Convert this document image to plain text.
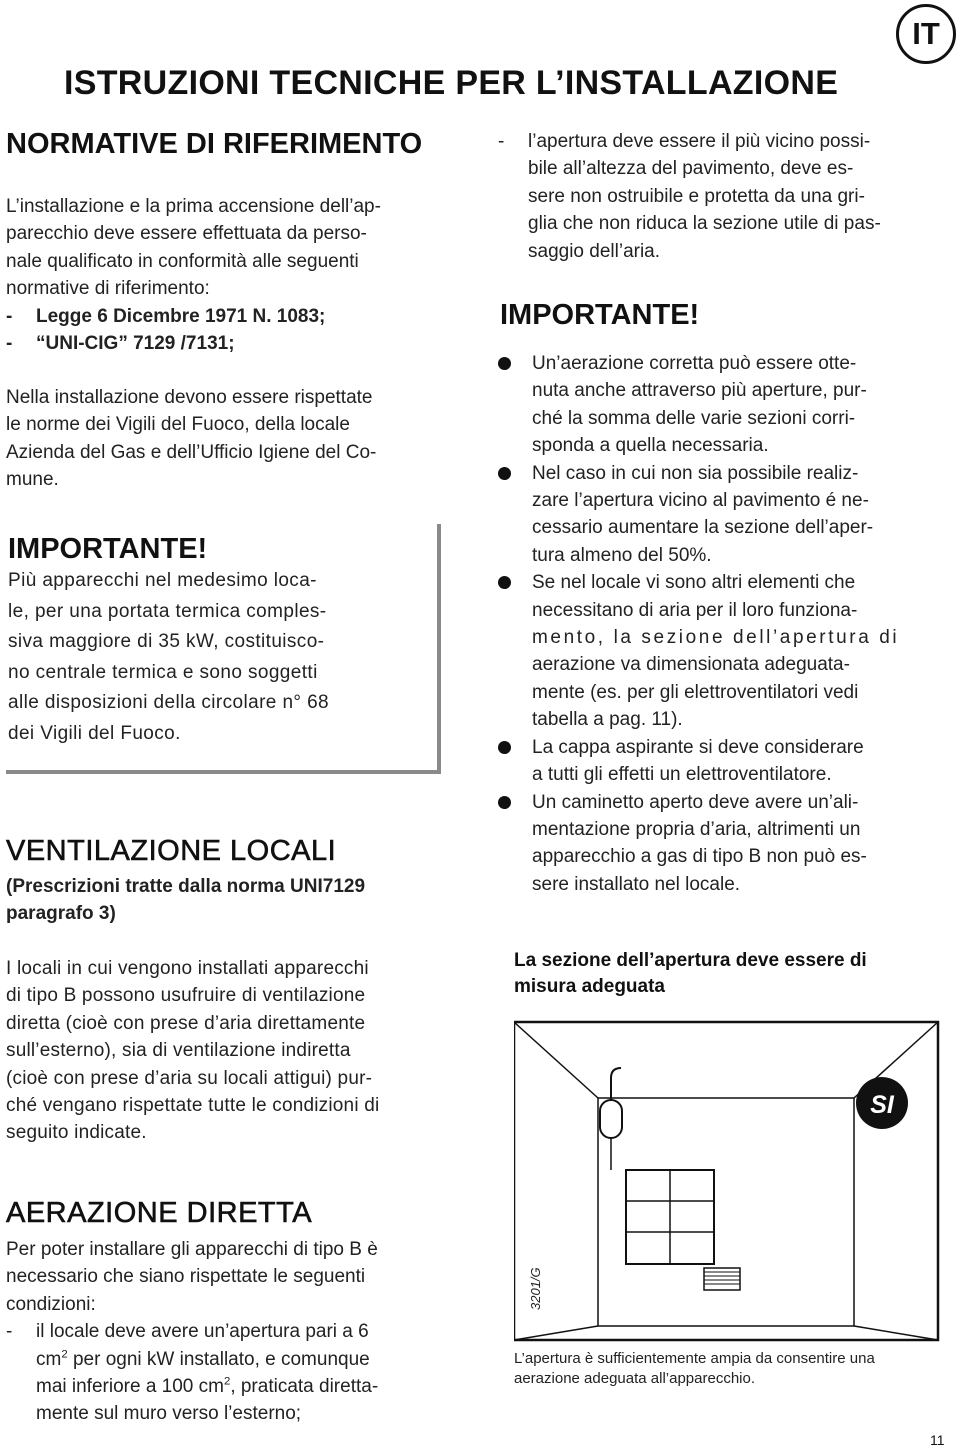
IT
ISTRUZIONI TECNICHE PER L’INSTALLAZIONE
NORMATIVE DI RIFERIMENTO
L’installazione e la prima accensione dell’ap-
parecchio deve essere effettuata da perso-
nale qualificato in conformità alle seguenti
normative di riferimento:
- Legge 6 Dicembre 1971 N. 1083;
- “UNI-CIG” 7129 /7131;
Nella installazione devono essere rispettate
le norme dei Vigili del Fuoco, della locale
Azienda del Gas e dell’Ufficio Igiene del Co-
mune.
IMPORTANTE!
Più apparecchi nel medesimo loca-
le, per una portata termica comples-
siva maggiore di 35 kW, costituisco-
no centrale termica e sono soggetti
alle disposizioni della circolare n° 68
dei Vigili del Fuoco.
VENTILAZIONE LOCALI
(Prescrizioni tratte dalla norma UNI7129
paragrafo 3)
I locali in cui vengono installati apparecchi
di tipo B possono usufruire di ventilazione
diretta (cioè con prese d’aria direttamente
sull’esterno), sia di ventilazione indiretta
(cioè con prese d’aria su locali attigui) pur-
ché vengano rispettate tutte le condizioni di
seguito indicate.
AERAZIONE DIRETTA
Per poter installare gli apparecchi di tipo B è
necessario che siano rispettate le seguenti
condizioni:
- il locale deve avere un’apertura pari a 6
$cm^2$ per ogni kW installato, e comunque
mai inferiore a 100 $cm^2$, praticata diretta-
mente sul muro verso l’esterno;
- l’apertura deve essere il più vicino possi-
bile all’altezza del pavimento, deve es-
sere non ostruibile e protetta da una gri-
glia che non riduca la sezione utile di pas-
saggio dell’aria.
IMPORTANTE!
Un’aerazione corretta può essere otte-
nuta anche attraverso più aperture, pur-
ché la somma delle varie sezioni corri-
sponda a quella necessaria.
Nel caso in cui non sia possibile realiz-
zare l’apertura vicino al pavimento é ne-
cessario aumentare la sezione dell’aper-
tura almeno del 50%.
Se nel locale vi sono altri elementi che
necessitano di aria per il loro funziona-
mento, la sezione dell’apertura di
aerazione va dimensionata adeguata-
mente (es. per gli elettroventilatori vedi
tabella a pag. 11).
La cappa aspirante si deve considerare
a tutti gli effetti un elettroventilatore.
Un caminetto aperto deve avere un’ali-
mentazione propria d’aria, altrimenti un
apparecchio a gas di tipo B non può es-
sere installato nel locale.
La sezione dell’apertura deve essere di
misura adeguata
SI
3201/G
L’apertura è sufficientemente ampia da consentire una
aerazione adeguata all’apparecchio.
11
